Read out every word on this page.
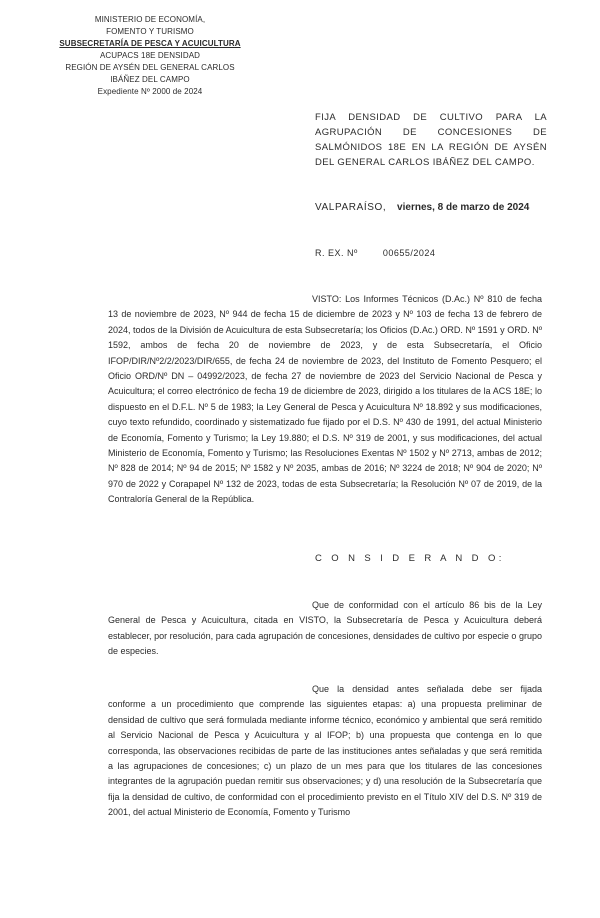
MINISTERIO DE ECONOMÍA,
FOMENTO Y TURISMO
SUBSECRETARÍA DE PESCA Y ACUICULTURA
ACUPACS 18E DENSIDAD
REGIÓN DE AYSÉN DEL GENERAL CARLOS IBÁÑEZ DEL CAMPO
Expediente Nº 2000 de 2024
FIJA DENSIDAD DE CULTIVO PARA LA AGRUPACIÓN DE CONCESIONES DE SALMÓNIDOS 18E EN LA REGIÓN DE AYSÉN DEL GENERAL CARLOS IBÁÑEZ DEL CAMPO.
VALPARAÍSO, viernes, 8 de marzo de 2024
R. EX. Nº	00655/2024
VISTO: Los Informes Técnicos (D.Ac.) Nº 810 de fecha 13 de noviembre de 2023, Nº 944 de fecha 15 de diciembre de 2023 y Nº 103 de fecha 13 de febrero de 2024, todos de la División de Acuicultura de esta Subsecretaría; los Oficios (D.Ac.) ORD. Nº 1591 y ORD. Nº 1592, ambos de fecha 20 de noviembre de 2023, y de esta Subsecretaría, el Oficio IFOP/DIR/Nº2/2/2023/DIR/655, de fecha 24 de noviembre de 2023, del Instituto de Fomento Pesquero; el Oficio ORD/Nº DN – 04992/2023, de fecha 27 de noviembre de 2023 del Servicio Nacional de Pesca y Acuicultura; el correo electrónico de fecha 19 de diciembre de 2023, dirigido a los titulares de la ACS 18E; lo dispuesto en el D.F.L. Nº 5 de 1983; la Ley General de Pesca y Acuicultura Nº 18.892 y sus modificaciones, cuyo texto refundido, coordinado y sistematizado fue fijado por el D.S. Nº 430 de 1991, del actual Ministerio de Economía, Fomento y Turismo; la Ley 19.880; el D.S. Nº 319 de 2001, y sus modificaciones, del actual Ministerio de Economía, Fomento y Turismo; las Resoluciones Exentas Nº 1502 y Nº 2713, ambas de 2012; Nº 828 de 2014; Nº 94 de 2015; Nº 1582 y Nº 2035, ambas de 2016; Nº 3224 de 2018; Nº 904 de 2020; Nº 970 de 2022 y Corapapel Nº 132 de 2023, todas de esta Subsecretaría; la Resolución Nº 07 de 2019, de la Contraloría General de la República.
C O N S I D E R A N D O:
Que de conformidad con el artículo 86 bis de la Ley General de Pesca y Acuicultura, citada en VISTO, la Subsecretaría de Pesca y Acuicultura deberá establecer, por resolución, para cada agrupación de concesiones, densidades de cultivo por especie o grupo de especies.
Que la densidad antes señalada debe ser fijada conforme a un procedimiento que comprende las siguientes etapas: a) una propuesta preliminar de densidad de cultivo que será formulada mediante informe técnico, económico y ambiental que será remitido al Servicio Nacional de Pesca y Acuicultura y al IFOP; b) una propuesta que contenga en lo que corresponda, las observaciones recibidas de parte de las instituciones antes señaladas y que será remitida a las agrupaciones de concesiones; c) un plazo de un mes para que los titulares de las concesiones integrantes de la agrupación puedan remitir sus observaciones; y d) una resolución de la Subsecretaría que fija la densidad de cultivo, de conformidad con el procedimiento previsto en el Título XIV del D.S. Nº 319 de 2001, del actual Ministerio de Economía, Fomento y Turismo
